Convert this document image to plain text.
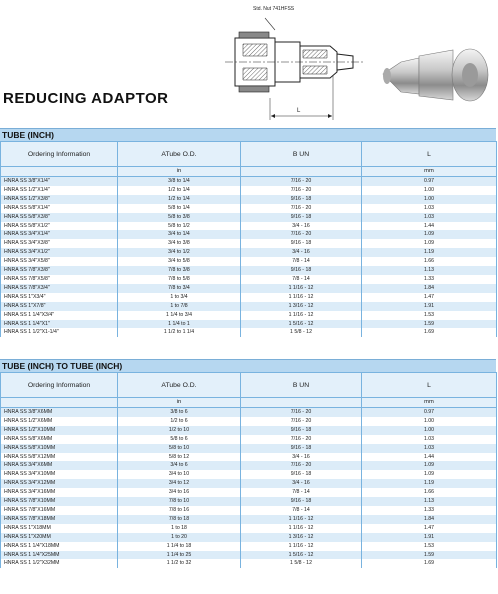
Std. Nut 741HFSS
L
REDUCING ADAPTOR
TUBE (INCH)
Ordering Information	ATube O.D.	B UN	L
	in		mm
HNRA SS 3/8"X1/4"	3/8 to 1/4	7/16 - 20	0.97
HNRA SS 1/2"X1/4"	1/2 to 1/4	7/16 - 20	1.00
HNRA SS 1/2"X3/8"	1/2 to 1/4	9/16 - 18	1.00
HNRA SS 5/8"X1/4"	5/8 to 1/4	7/16 - 20	1.03
HNRA SS 5/8"X3/8"	5/8 to 3/8	9/16 - 18	1.03
HNRA SS 5/8"X1/2"	5/8 to 1/2	3/4 - 16	1.44
HNRA SS 3/4"X1/4"	3/4 to 1/4	7/16 - 20	1.09
HNRA SS 3/4"X3/8"	3/4 to 3/8	9/16 - 18	1.09
HNRA SS 3/4"X1/2"	3/4 to 1/2	3/4 - 16	1.19
HNRA SS 3/4"X5/8"	3/4 to 5/8	7/8 - 14	1.66
HNRA SS 7/8"X3/8"	7/8 to 3/8	9/16 - 18	1.13
HNRA SS 7/8"X5/8"	7/8 to 5/8	7/8 - 14	1.33
HNRA SS 7/8"X3/4"	7/8 to 3/4	1 1/16 - 12	1.84
HNRA SS 1"X3/4"	1 to 3/4	1 1/16 - 12	1.47
HNRA SS 1"X7/8"	1 to 7/8	1 3/16 - 12	1.91
HNRA SS 1 1/4"X3/4"	1 1/4 to 3/4	1 1/16 - 12	1.53
HNRA SS 1 1/4"X1"	1 1/4 to 1	1 5/16 - 12	1.59
HNRA SS 1 1/2"X1-1/4"	1 1/2 to 1 1/4	1 5/8 - 12	1.69
TUBE (INCH) TO TUBE (INCH)
Ordering Information	ATube O.D.	B UN	L
	in		mm
HNRA SS 3/8"X6MM	3/8 to 6	7/16 - 20	0.97
HNRA SS 1/2"X6MM	1/2 to 6	7/16 - 20	1.00
HNRA SS 1/2"X10MM	1/2 to 10	9/16 - 18	1.00
HNRA SS 5/8"X6MM	5/8 to 6	7/16 - 20	1.03
HNRA SS 5/8"X10MM	5/8 to 10	9/16 - 18	1.03
HNRA SS 5/8"X12MM	5/8 to 12	3/4 - 16	1.44
HNRA SS 3/4"X6MM	3/4 to 6	7/16 - 20	1.09
HNRA SS 3/4"X10MM	3/4 to 10	9/16 - 18	1.09
HNRA SS 3/4"X12MM	3/4 to 12	3/4 - 16	1.19
HNRA SS 3/4"X16MM	3/4 to 16	7/8 - 14	1.66
HNRA SS 7/8"X10MM	7/8 to 10	9/16 - 18	1.13
HNRA SS 7/8"X16MM	7/8 to 16	7/8 - 14	1.33
HNRA SS 7/8"X18MM	7/8 to 18	1 1/16 - 12	1.84
HNRA SS 1"X18MM	1 to 18	1 1/16 - 12	1.47
HNRA SS 1"X20MM	1 to 20	1 3/16 - 12	1.91
HNRA SS 1 1/4"X18MM	1 1/4 to 18	1 1/16 - 12	1.53
HNRA SS 1 1/4"X25MM	1 1/4 to 25	1 5/16 - 12	1.59
HNRA SS 1 1/2"X32MM	1 1/2 to 32	1 5/8 - 12	1.69
